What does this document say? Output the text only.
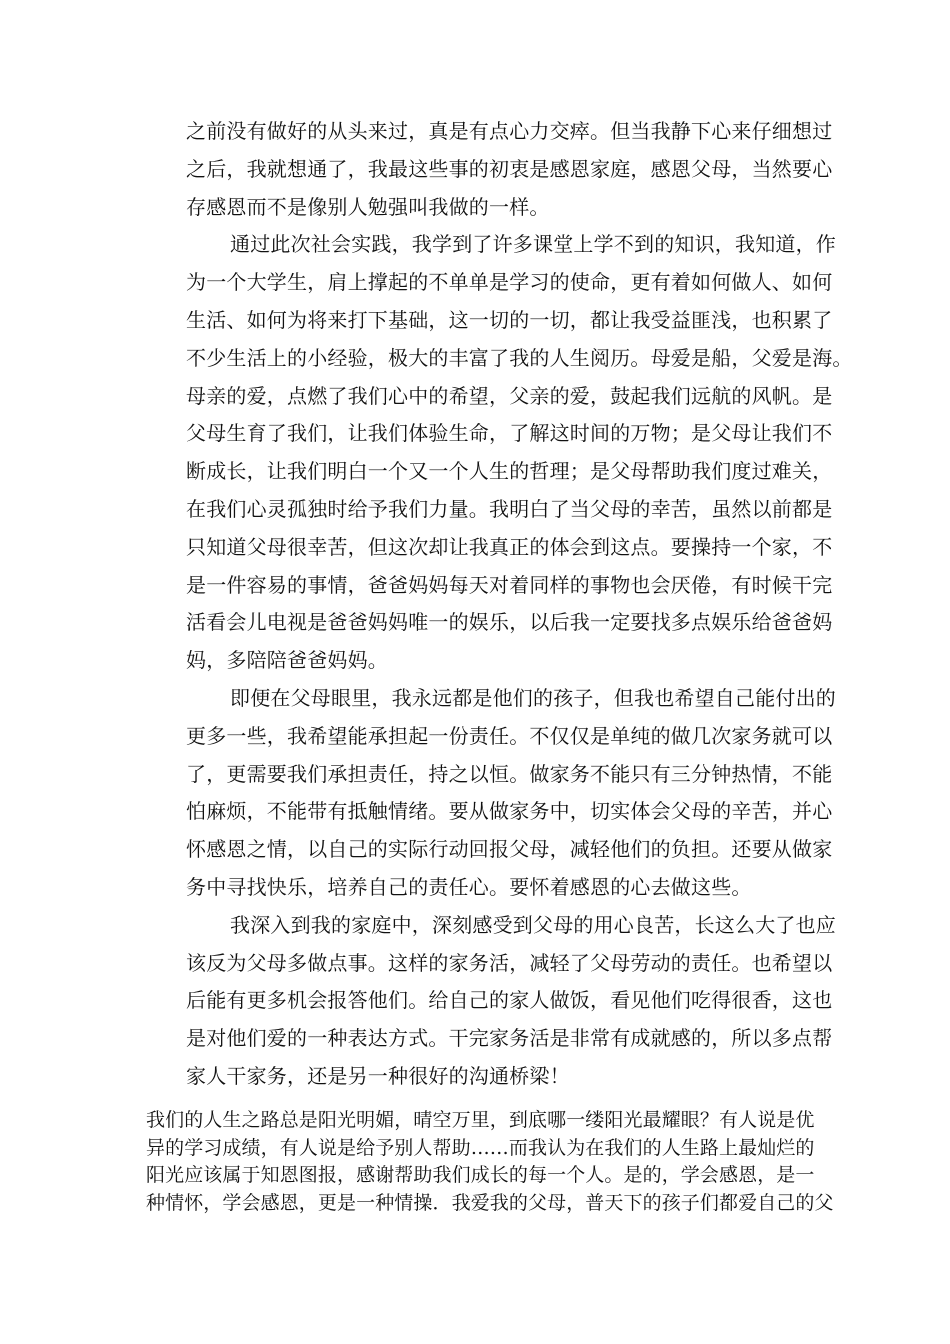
之前没有做好的从头来过，真是有点心力交瘁。但当我静下心来仔细想过
之后，我就想通了，我最这些事的初衷是感恩家庭，感恩父母，当然要心
存感恩而不是像别人勉强叫我做的一样。

通过此次社会实践，我学到了许多课堂上学不到的知识，我知道，作
为一个大学生，肩上撑起的不单单是学习的使命，更有着如何做人、如何
生活、如何为将来打下基础，这一切的一切，都让我受益匪浅，也积累了
不少生活上的小经验，极大的丰富了我的人生阅历。母爱是船，父爱是海。
母亲的爱，点燃了我们心中的希望，父亲的爱，鼓起我们远航的风帆。是
父母生育了我们，让我们体验生命，了解这时间的万物；是父母让我们不
断成长，让我们明白一个又一个人生的哲理；是父母帮助我们度过难关，
在我们心灵孤独时给予我们力量。我明白了当父母的幸苦，虽然以前都是
只知道父母很幸苦，但这次却让我真正的体会到这点。要操持一个家，不
是一件容易的事情，爸爸妈妈每天对着同样的事物也会厌倦，有时候干完
活看会儿电视是爸爸妈妈唯一的娱乐，以后我一定要找多点娱乐给爸爸妈
妈，多陪陪爸爸妈妈。

即便在父母眼里，我永远都是他们的孩子，但我也希望自己能付出的
更多一些，我希望能承担起一份责任。不仅仅是单纯的做几次家务就可以
了，更需要我们承担责任，持之以恒。做家务不能只有三分钟热情，不能
怕麻烦，不能带有抵触情绪。要从做家务中，切实体会父母的辛苦，并心
怀感恩之情，以自己的实际行动回报父母，减轻他们的负担。还要从做家
务中寻找快乐，培养自己的责任心。要怀着感恩的心去做这些。

我深入到我的家庭中，深刻感受到父母的用心良苦，长这么大了也应
该反为父母多做点事。这样的家务活，减轻了父母劳动的责任。也希望以
后能有更多机会报答他们。给自己的家人做饭，看见他们吃得很香，这也
是对他们爱的一种表达方式。干完家务活是非常有成就感的，所以多点帮
家人干家务，还是另一种很好的沟通桥梁！

我们的人生之路总是阳光明媚，晴空万里，到底哪一缕阳光最耀眼？有人说是优
异的学习成绩，有人说是给予别人帮助……而我认为在我们的人生路上最灿烂的
阳光应该属于知恩图报，感谢帮助我们成长的每一个人。是的，学会感恩，是一
种情怀，学会感恩，更是一种情操．我爱我的父母，普天下的孩子们都爱自己的父
